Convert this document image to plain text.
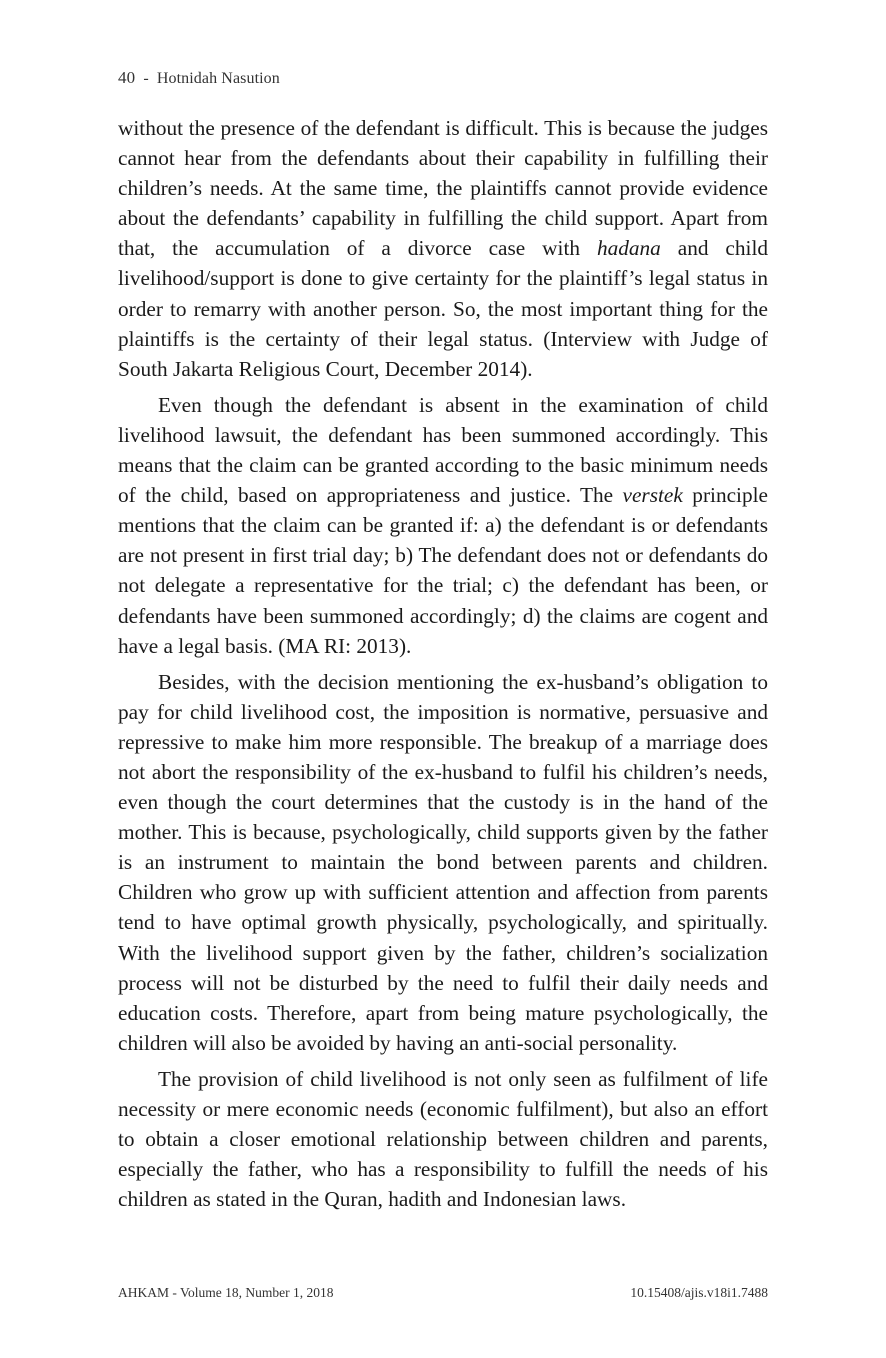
40 - Hotnidah Nasution

without the presence of the defendant is difficult. This is because the judges cannot hear from the defendants about their capability in fulfilling their children’s needs. At the same time, the plaintiffs cannot provide evidence about the defendants’ capability in fulfilling the child support. Apart from that, the accumulation of a divorce case with hadana and child livelihood/support is done to give certainty for the plaintiff’s legal status in order to remarry with another person. So, the most important thing for the plaintiffs is the certainty of their legal status. (Interview with Judge of South Jakarta Religious Court, December 2014).

Even though the defendant is absent in the examination of child livelihood lawsuit, the defendant has been summoned accordingly. This means that the claim can be granted according to the basic minimum needs of the child, based on appropriateness and justice. The verstek principle mentions that the claim can be granted if: a) the defendant is or defendants are not present in first trial day; b) The defendant does not or defendants do not delegate a representative for the trial; c) the defendant has been, or defendants have been summoned accordingly; d) the claims are cogent and have a legal basis. (MA RI: 2013).

Besides, with the decision mentioning the ex-husband’s obligation to pay for child livelihood cost, the imposition is normative, persuasive and repressive to make him more responsible. The breakup of a marriage does not abort the responsibility of the ex-husband to fulfil his children’s needs, even though the court determines that the custody is in the hand of the mother. This is because, psychologically, child supports given by the father is an instrument to maintain the bond between parents and children. Children who grow up with sufficient attention and affection from parents tend to have optimal growth physically, psychologically, and spiritually. With the livelihood support given by the father, children’s socialization process will not be disturbed by the need to fulfil their daily needs and education costs. Therefore, apart from being mature psychologically, the children will also be avoided by having an anti-social personality.

The provision of child livelihood is not only seen as fulfilment of life necessity or mere economic needs (economic fulfilment), but also an effort to obtain a closer emotional relationship between children and parents, especially the father, who has a responsibility to fulfill the needs of his children as stated in the Quran, hadith and Indonesian laws.

AHKAM - Volume 18, Number 1, 2018	10.15408/ajis.v18i1.7488
